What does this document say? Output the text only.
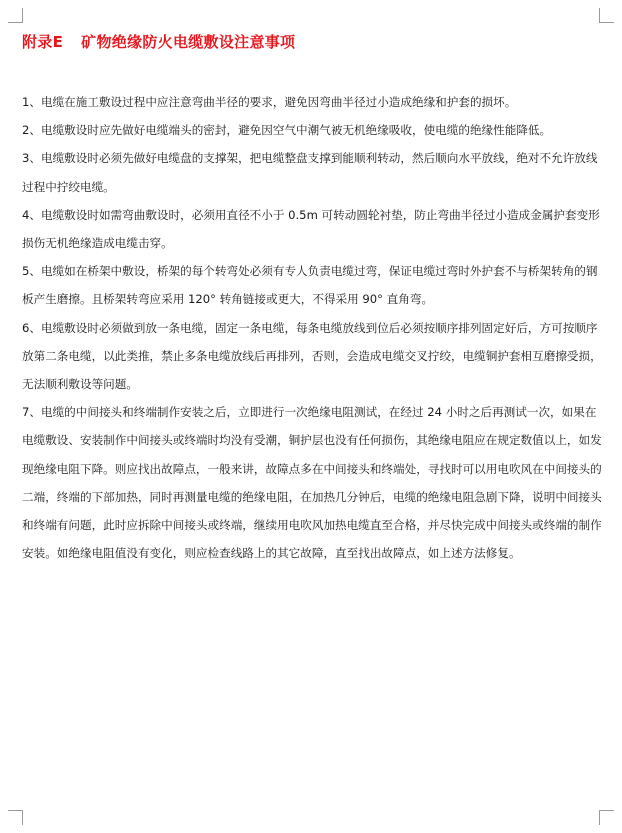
附录E 矿物绝缘防火电缆敷设注意事项

1、电缆在施工敷设过程中应注意弯曲半径的要求，避免因弯曲半径过小造成绝缘和护套的损坏。

2、电缆敷设时应先做好电缆端头的密封，避免因空气中潮气被无机绝缘吸收，使电缆的绝缘性能降低。

3、电缆敷设时必须先做好电缆盘的支撑架，把电缆整盘支撑到能顺利转动，然后顺向水平放线，绝对不允许放线过程中拧绞电缆。

4、电缆敷设时如需弯曲敷设时，必须用直径不小于 0.5m 可转动圆轮衬垫，防止弯曲半径过小造成金属护套变形损伤无机绝缘造成电缆击穿。

5、电缆如在桥架中敷设，桥架的每个转弯处必须有专人负责电缆过弯，保证电缆过弯时外护套不与桥架转角的钢板产生磨擦。且桥架转弯应采用 120° 转角链接或更大，不得采用 90° 直角弯。

6、电缆敷设时必须做到放一条电缆，固定一条电缆，每条电缆放线到位后必须按顺序排列固定好后，方可按顺序放第二条电缆，以此类推，禁止多条电缆放线后再排列，否则，会造成电缆交叉拧绞，电缆铜护套相互磨擦受损，无法顺利敷设等问题。

7、电缆的中间接头和终端制作安装之后，立即进行一次绝缘电阻测试，在经过 24 小时之后再测试一次，如果在电缆敷设、安装制作中间接头或终端时均没有受潮，铜护层也没有任何损伤，其绝缘电阻应在规定数值以上，如发现绝缘电阻下降。则应找出故障点，一般来讲，故障点多在中间接头和终端处，寻找时可以用电吹风在中间接头的二端，终端的下部加热，同时再测量电缆的绝缘电阻，在加热几分钟后，电缆的绝缘电阻急剧下降，说明中间接头和终端有问题，此时应拆除中间接头或终端，继续用电吹风加热电缆直至合格，并尽快完成中间接头或终端的制作安装。如绝缘电阻值没有变化，则应检查线路上的其它故障，直至找出故障点，如上述方法修复。
